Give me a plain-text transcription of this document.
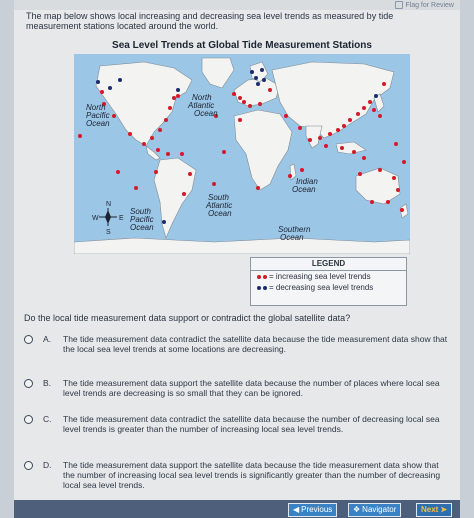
Flag for Review
The map below shows local increasing and decreasing sea level trends as measured by tide measurement stations located around the world.
Sea Level Trends at Global Tide Measurement Stations
North Pacific Ocean
North Atlantic Ocean
South Pacific Ocean
South Atlantic Ocean
Indian Ocean
Southern Ocean
N
S
W	E
LEGEND
= increasing sea level trends
= decreasing sea level trends
Do the local tide measurement data support or contradict the global satellite data?
A.	The tide measurement data contradict the satellite data because the tide measurement data show that the local sea level trends at some locations are decreasing.
B.	The tide measurement data support the satellite data because the number of places where local sea level trends are decreasing is so small that they can be ignored.
C.	The tide measurement data contradict the satellite data because the number of decreasing local sea level trends is greater than the number of increasing local sea level trends.
D.	The tide measurement data support the satellite data because the tide measurement data show that the number of increasing local sea level trends is significantly greater than the number of decreasing local sea level trends.
◀ Previous	❖ Navigator	Next ➤
